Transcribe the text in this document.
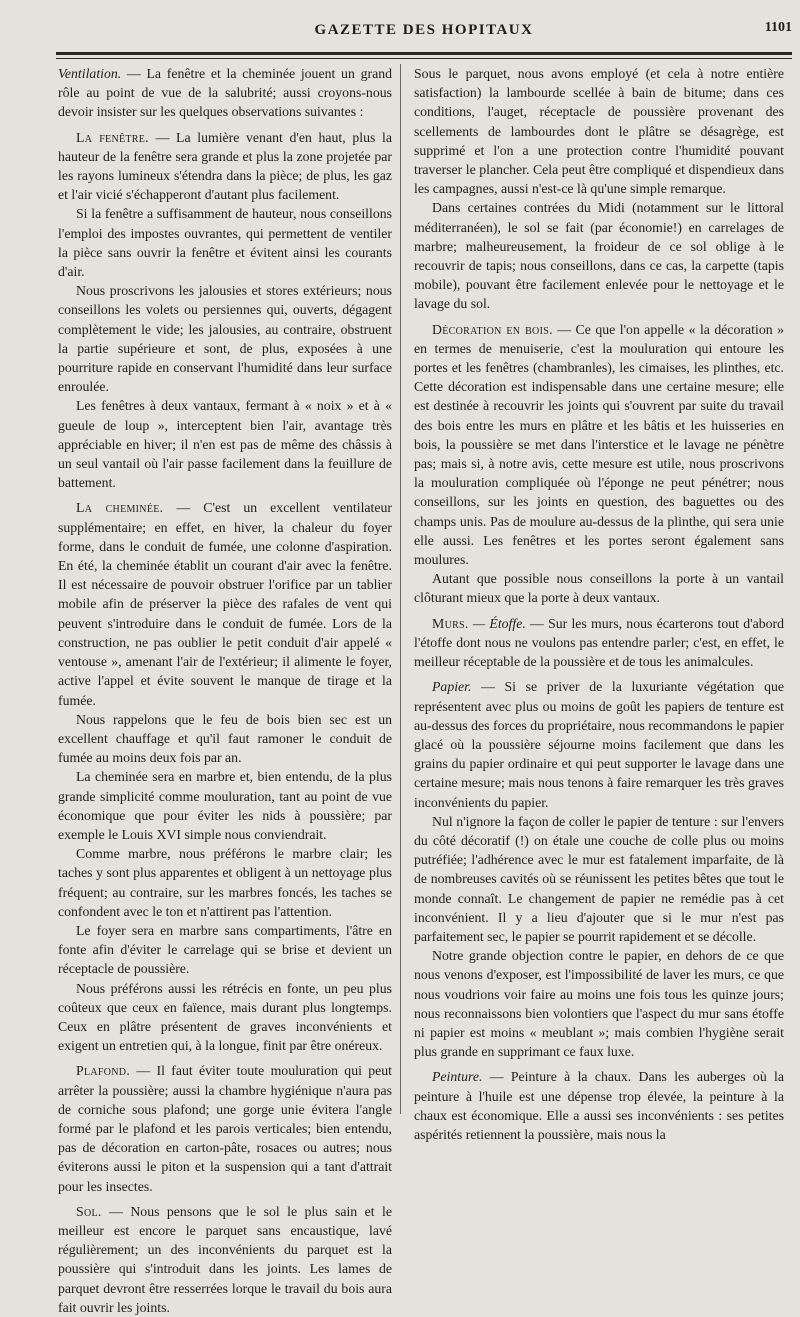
GAZETTE DES HOPITAUX	1101

Ventilation. — La fenêtre et la cheminée jouent un grand rôle au point de vue de la salubrité; aussi croyons-nous devoir insister sur les quelques observations suivantes :

La fenêtre. — La lumière venant d'en haut, plus la hauteur de la fenêtre sera grande et plus la zone projetée par les rayons lumineux s'étendra dans la pièce; de plus, les gaz et l'air vicié s'échapperont d'autant plus facilement.

Si la fenêtre a suffisamment de hauteur, nous conseillons l'emploi des impostes ouvrantes, qui permettent de ventiler la pièce sans ouvrir la fenêtre et évitent ainsi les courants d'air.

Nous proscrivons les jalousies et stores extérieurs; nous conseillons les volets ou persiennes qui, ouverts, dégagent complètement le vide; les jalousies, au contraire, obstruent la partie supérieure et sont, de plus, exposées à une pourriture rapide en conservant l'humidité dans leur surface enroulée.

Les fenêtres à deux vantaux, fermant à « noix » et à « gueule de loup », interceptent bien l'air, avantage très appréciable en hiver; il n'en est pas de même des châssis à un seul vantail où l'air passe facilement dans la feuillure de battement.

La cheminée. — C'est un excellent ventilateur supplémentaire; en effet, en hiver, la chaleur du foyer forme, dans le conduit de fumée, une colonne d'aspiration. En été, la cheminée établit un courant d'air avec la fenêtre. Il est nécessaire de pouvoir obstruer l'orifice par un tablier mobile afin de préserver la pièce des rafales de vent qui peuvent s'introduire dans le conduit de fumée. Lors de la construction, ne pas oublier le petit conduit d'air appelé « ventouse », amenant l'air de l'extérieur; il alimente le foyer, active l'appel et évite souvent le manque de tirage et la fumée.

Nous rappelons que le feu de bois bien sec est un excellent chauffage et qu'il faut ramoner le conduit de fumée au moins deux fois par an.

La cheminée sera en marbre et, bien entendu, de la plus grande simplicité comme mouluration, tant au point de vue économique que pour éviter les nids à poussière; par exemple le Louis XVI simple nous conviendrait.

Comme marbre, nous préférons le marbre clair; les taches y sont plus apparentes et obligent à un nettoyage plus fréquent; au contraire, sur les marbres foncés, les taches se confondent avec le ton et n'attirent pas l'attention.

Le foyer sera en marbre sans compartiments, l'âtre en fonte afin d'éviter le carrelage qui se brise et devient un réceptacle de poussière.

Nous préférons aussi les rétrécis en fonte, un peu plus coûteux que ceux en faïence, mais durant plus longtemps. Ceux en plâtre présentent de graves inconvénients et exigent un entretien qui, à la longue, finit par être onéreux.

Plafond. — Il faut éviter toute mouluration qui peut arrêter la poussière; aussi la chambre hygiénique n'aura pas de corniche sous plafond; une gorge unie évitera l'angle formé par le plafond et les parois verticales; bien entendu, pas de décoration en carton-pâte, rosaces ou autres; nous éviterons aussi le piton et la suspension qui a tant d'attrait pour les insectes.

Sol. — Nous pensons que le sol le plus sain et le meilleur est encore le parquet sans encaustique, lavé régulièrement; un des inconvénients du parquet est la poussière qui s'introduit dans les joints. Les lames de parquet devront être resserrées lorque le travail du bois aura fait ouvrir les joints.

Sous le parquet, nous avons employé (et cela à notre entière satisfaction) la lambourde scellée à bain de bitume; dans ces conditions, l'auget, réceptacle de poussière provenant des scellements de lambourdes dont le plâtre se désagrège, est supprimé et l'on a une protection contre l'humidité pouvant traverser le plancher. Cela peut être compliqué et dispendieux dans les campagnes, aussi n'est-ce là qu'une simple remarque.

Dans certaines contrées du Midi (notamment sur le littoral méditerranéen), le sol se fait (par économie!) en carrelages de marbre; malheureusement, la froideur de ce sol oblige à le recouvrir de tapis; nous conseillons, dans ce cas, la carpette (tapis mobile), pouvant être facilement enlevée pour le nettoyage et le lavage du sol.

Décoration en bois. — Ce que l'on appelle « la décoration » en termes de menuiserie, c'est la mouluration qui entoure les portes et les fenêtres (chambranles), les cimaises, les plinthes, etc. Cette décoration est indispensable dans une certaine mesure; elle est destinée à recouvrir les joints qui s'ouvrent par suite du travail des bois entre les murs en plâtre et les bâtis et les huisseries en bois, la poussière se met dans l'interstice et le lavage ne pénètre pas; mais si, à notre avis, cette mesure est utile, nous proscrivons la mouluration compliquée où l'éponge ne peut pénétrer; nous conseillons, sur les joints en question, des baguettes ou des champs unis. Pas de moulure au-dessus de la plinthe, qui sera unie elle aussi. Les fenêtres et les portes seront également sans moulures.

Autant que possible nous conseillons la porte à un vantail clôturant mieux que la porte à deux vantaux.

Murs. — Étoffe. — Sur les murs, nous écarterons tout d'abord l'étoffe dont nous ne voulons pas entendre parler; c'est, en effet, le meilleur réceptable de la poussière et de tous les animalcules.

Papier. — Si se priver de la luxuriante végétation que représentent avec plus ou moins de goût les papiers de tenture est au-dessus des forces du propriétaire, nous recommandons le papier glacé où la poussière séjourne moins facilement que dans les grains du papier ordinaire et qui peut supporter le lavage dans une certaine mesure; mais nous tenons à faire remarquer les très graves inconvénients du papier.

Nul n'ignore la façon de coller le papier de tenture : sur l'envers du côté décoratif (!) on étale une couche de colle plus ou moins putréfiée; l'adhérence avec le mur est fatalement imparfaite, de là de nombreuses cavités où se réunissent les petites bêtes que tout le monde connaît. Le changement de papier ne remédie pas à cet inconvénient. Il y a lieu d'ajouter que si le mur n'est pas parfaitement sec, le papier se pourrit rapidement et se décolle.

Notre grande objection contre le papier, en dehors de ce que nous venons d'exposer, est l'impossibilité de laver les murs, ce que nous voudrions voir faire au moins une fois tous les quinze jours; nous reconnaissons bien volontiers que l'aspect du mur sans étoffe ni papier est moins « meublant »; mais combien l'hygiène serait plus grande en supprimant ce faux luxe.

Peinture. — Peinture à la chaux. Dans les auberges où la peinture à l'huile est une dépense trop élevée, la peinture à la chaux est économique. Elle a aussi ses inconvénients : ses petites aspérités retiennent la poussière, mais nous la
